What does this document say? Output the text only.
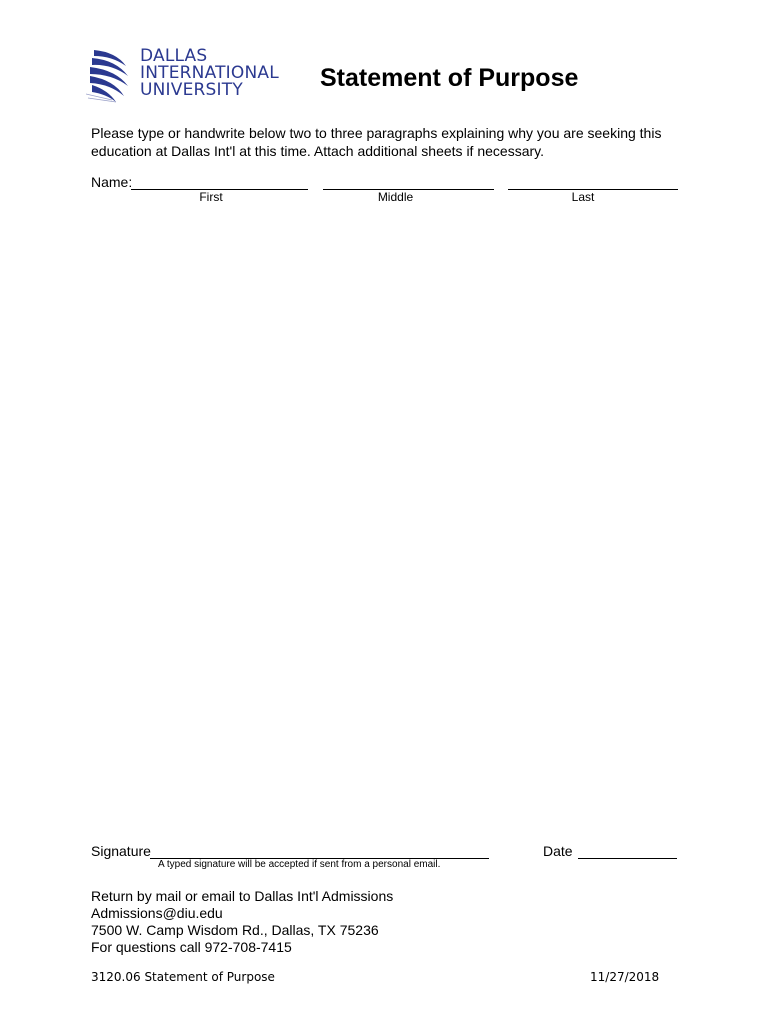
DALLAS
INTERNATIONAL
UNIVERSITY	Statement of Purpose
Please type or handwrite below two to three paragraphs explaining why you are seeking this education at Dallas Int'l at this time. Attach additional sheets if necessary.
Name:
First	Middle	Last
Signature
A typed signature will be accepted if sent from a personal email.
Date
Return by mail or email to Dallas Int'l Admissions
Admissions@diu.edu
7500 W. Camp Wisdom Rd., Dallas, TX 75236
For questions call 972-708-7415
3120.06 Statement of Purpose	11/27/2018
